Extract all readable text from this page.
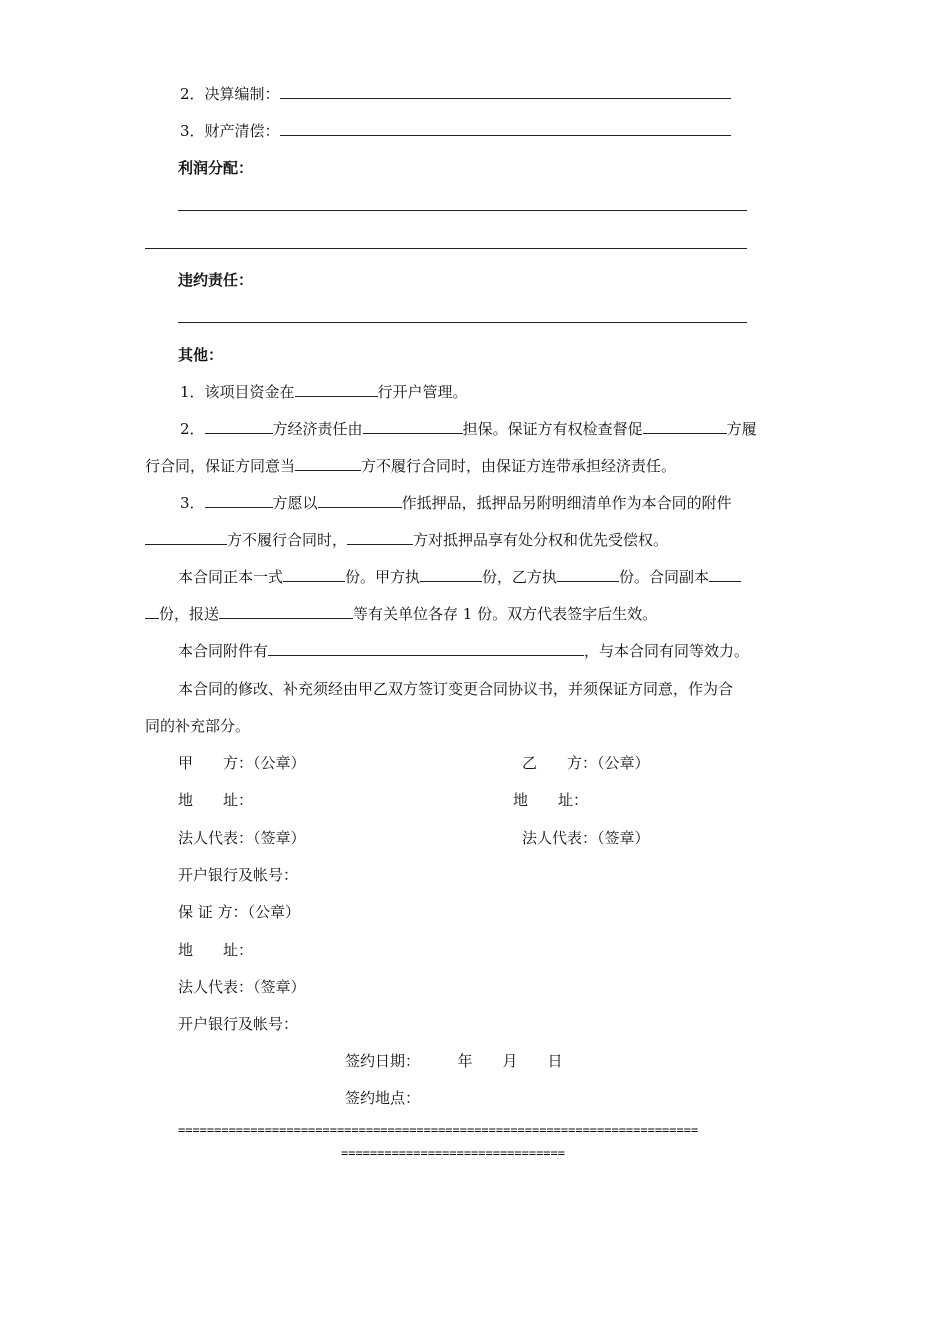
2．决算编制：
3．财产清偿：
利润分配：
违约责任：
其他：
1．该项目资金在	行开户管理。
2．	方经济责任由	担保。保证方有权检查督促	方履
行合同，保证方同意当	方不履行合同时，由保证方连带承担经济责任。
3．	方愿以	作抵押品，抵押品另附明细清单作为本合同的附件
方不履行合同时，	方对抵押品享有处分权和优先受偿权。
本合同正本一式	份。甲方执	份，乙方执	份。合同副本
份，报送	等有关单位各存 1 份。双方代表签字后生效。
本合同附件有	，与本合同有同等效力。
本合同的修改、补充须经由甲乙双方签订变更合同协议书，并须保证方同意，作为合
同的补充部分。
甲　　方：（公章）	乙　　方：（公章）
地　　址：	地　　址：
法人代表：（签章）	法人代表：（签章）
开户银行及帐号：
保 证 方：（公章）
地　　址：
法人代表：（签章）
开户银行及帐号：
签约日期：　　　年　　月　　日
签约地点：
========================================================================
===============================
